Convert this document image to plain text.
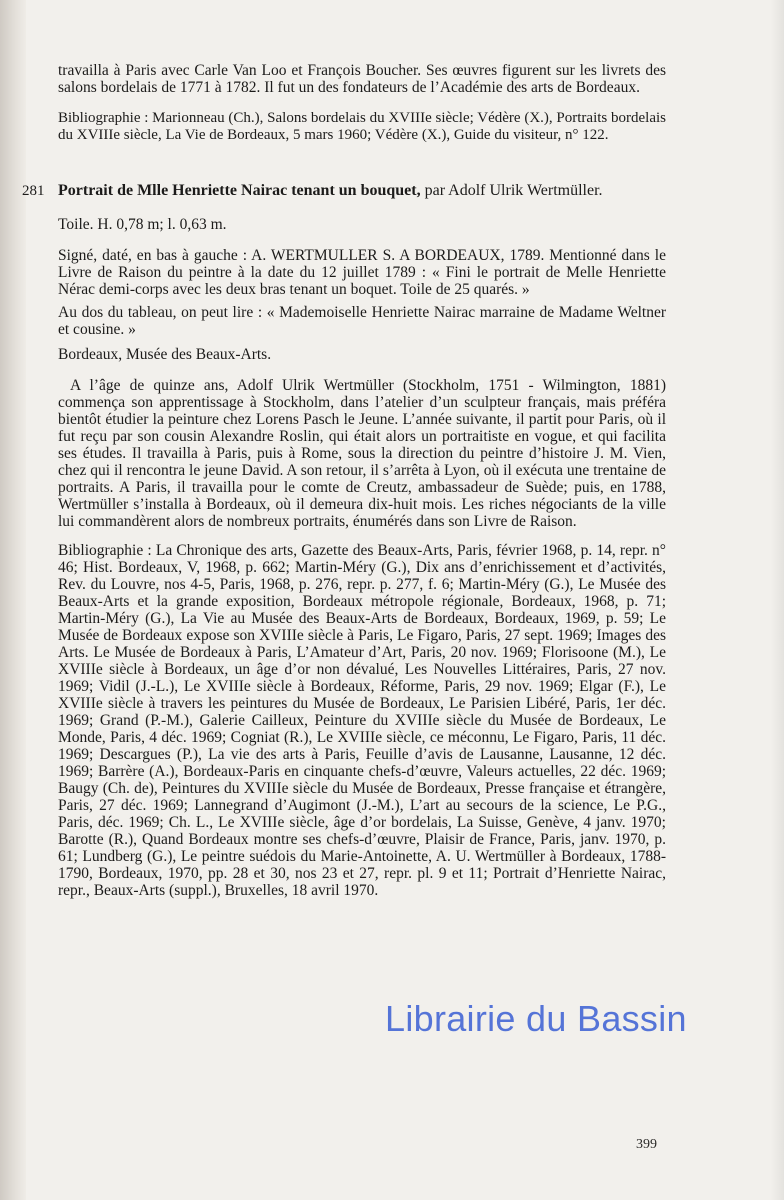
travailla à Paris avec Carle Van Loo et François Boucher. Ses œuvres figurent sur les livrets des salons bordelais de 1771 à 1782. Il fut un des fondateurs de l’Académie des arts de Bordeaux.

Bibliographie : Marionneau (Ch.), Salons bordelais du XVIIIe siècle; Védère (X.), Portraits bordelais du XVIIIe siècle, La Vie de Bordeaux, 5 mars 1960; Védère (X.), Guide du visiteur, n° 122.

281 Portrait de Mlle Henriette Nairac tenant un bouquet, par Adolf Ulrik Wertmüller.

Toile. H. 0,78 m; l. 0,63 m.

Signé, daté, en bas à gauche : A. WERTMULLER S. A BORDEAUX, 1789. Mentionné dans le Livre de Raison du peintre à la date du 12 juillet 1789 : « Fini le portrait de Melle Henriette Nérac demi-corps avec les deux bras tenant un boquet. Toile de 25 quarés. »

Au dos du tableau, on peut lire : « Mademoiselle Henriette Nairac marraine de Madame Weltner et cousine. »

Bordeaux, Musée des Beaux-Arts.

A l’âge de quinze ans, Adolf Ulrik Wertmüller (Stockholm, 1751 - Wilmington, 1881) commença son apprentissage à Stockholm, dans l’atelier d’un sculpteur français, mais préféra bientôt étudier la peinture chez Lorens Pasch le Jeune. L’année suivante, il partit pour Paris, où il fut reçu par son cousin Alexandre Roslin, qui était alors un portraitiste en vogue, et qui facilita ses études. Il travailla à Paris, puis à Rome, sous la direction du peintre d’histoire J. M. Vien, chez qui il rencontra le jeune David. A son retour, il s’arrêta à Lyon, où il exécuta une trentaine de portraits. A Paris, il travailla pour le comte de Creutz, ambassadeur de Suède; puis, en 1788, Wertmüller s’installa à Bordeaux, où il demeura dix-huit mois. Les riches négociants de la ville lui commandèrent alors de nombreux portraits, énumérés dans son Livre de Raison.

Bibliographie : La Chronique des arts, Gazette des Beaux-Arts, Paris, février 1968, p. 14, repr. n° 46; Hist. Bordeaux, V, 1968, p. 662; Martin-Méry (G.), Dix ans d’enrichissement et d’activités, Rev. du Louvre, nos 4-5, Paris, 1968, p. 276, repr. p. 277, f. 6; Martin-Méry (G.), Le Musée des Beaux-Arts et la grande exposition, Bordeaux métropole régionale, Bordeaux, 1968, p. 71; Martin-Méry (G.), La Vie au Musée des Beaux-Arts de Bordeaux, Bordeaux, 1969, p. 59; Le Musée de Bordeaux expose son XVIIIe siècle à Paris, Le Figaro, Paris, 27 sept. 1969; Images des Arts. Le Musée de Bordeaux à Paris, L’Amateur d’Art, Paris, 20 nov. 1969; Florisoone (M.), Le XVIIIe siècle à Bordeaux, un âge d’or non dévalué, Les Nouvelles Littéraires, Paris, 27 nov. 1969; Vidil (J.-L.), Le XVIIIe siècle à Bordeaux, Réforme, Paris, 29 nov. 1969; Elgar (F.), Le XVIIIe siècle à travers les peintures du Musée de Bordeaux, Le Parisien Libéré, Paris, 1er déc. 1969; Grand (P.-M.), Galerie Cailleux, Peinture du XVIIIe siècle du Musée de Bordeaux, Le Monde, Paris, 4 déc. 1969; Cogniat (R.), Le XVIIIe siècle, ce méconnu, Le Figaro, Paris, 11 déc. 1969; Descargues (P.), La vie des arts à Paris, Feuille d’avis de Lausanne, Lausanne, 12 déc. 1969; Barrère (A.), Bordeaux-Paris en cinquante chefs-d’œuvre, Valeurs actuelles, 22 déc. 1969; Baugy (Ch. de), Peintures du XVIIIe siècle du Musée de Bordeaux, Presse française et étrangère, Paris, 27 déc. 1969; Lannegrand d’Augimont (J.-M.), L’art au secours de la science, Le P.G., Paris, déc. 1969; Ch. L., Le XVIIIe siècle, âge d’or bordelais, La Suisse, Genève, 4 janv. 1970; Barotte (R.), Quand Bordeaux montre ses chefs-d’œuvre, Plaisir de France, Paris, janv. 1970, p. 61; Lundberg (G.), Le peintre suédois du Marie-Antoinette, A. U. Wertmüller à Bordeaux, 1788-1790, Bordeaux, 1970, pp. 28 et 30, nos 23 et 27, repr. pl. 9 et 11; Portrait d’Henriette Nairac, repr., Beaux-Arts (suppl.), Bruxelles, 18 avril 1970.

399
Librairie du Bassin
